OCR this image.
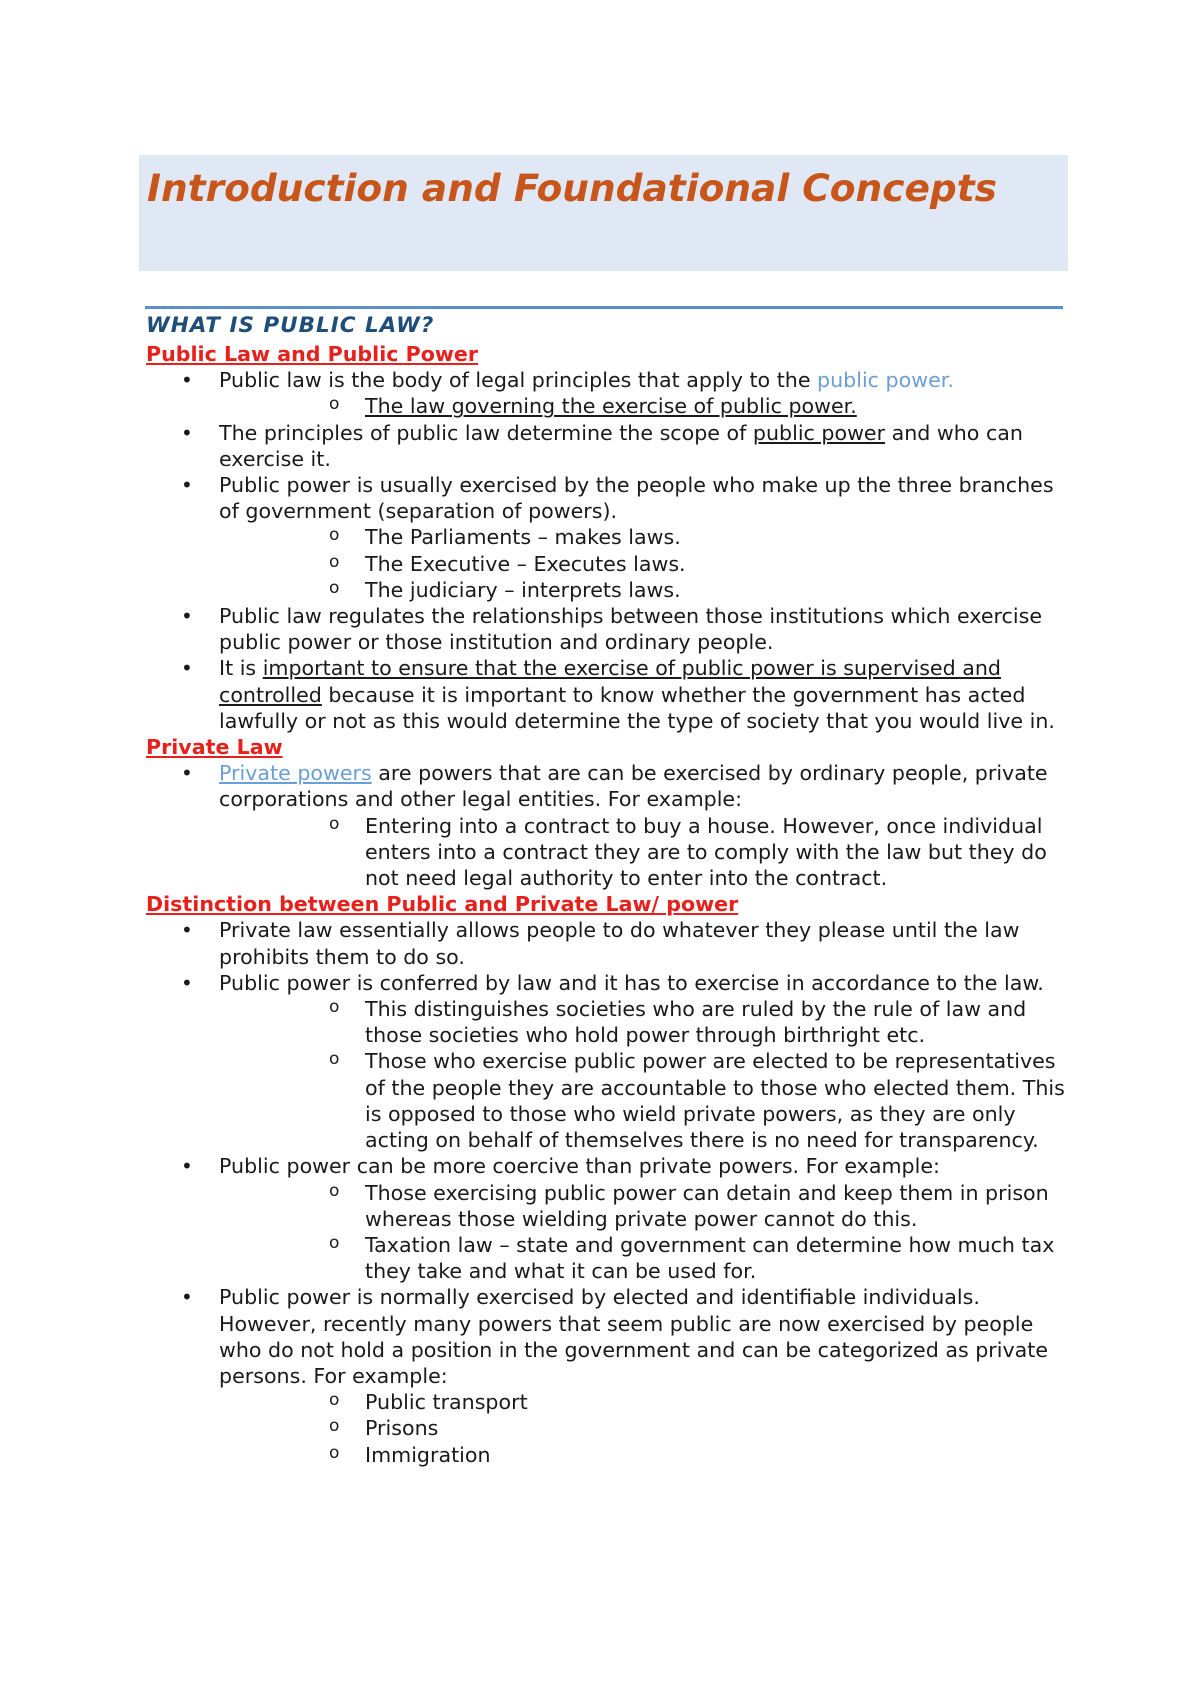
Introduction and Foundational Concepts
WHAT IS PUBLIC LAW?
Public Law and Public Power
• Public law is the body of legal principles that apply to the public power.
o The law governing the exercise of public power.
• The principles of public law determine the scope of public power and who can exercise it.
• Public power is usually exercised by the people who make up the three branches of government (separation of powers).
o The Parliaments – makes laws.
o The Executive – Executes laws.
o The judiciary – interprets laws.
• Public law regulates the relationships between those institutions which exercise public power or those institution and ordinary people.
• It is important to ensure that the exercise of public power is supervised and controlled because it is important to know whether the government has acted lawfully or not as this would determine the type of society that you would live in.
Private Law
• Private powers are powers that are can be exercised by ordinary people, private corporations and other legal entities. For example:
o Entering into a contract to buy a house. However, once individual enters into a contract they are to comply with the law but they do not need legal authority to enter into the contract.
Distinction between Public and Private Law/ power
• Private law essentially allows people to do whatever they please until the law prohibits them to do so.
• Public power is conferred by law and it has to exercise in accordance to the law.
o This distinguishes societies who are ruled by the rule of law and those societies who hold power through birthright etc.
o Those who exercise public power are elected to be representatives of the people they are accountable to those who elected them. This is opposed to those who wield private powers, as they are only acting on behalf of themselves there is no need for transparency.
• Public power can be more coercive than private powers. For example:
o Those exercising public power can detain and keep them in prison whereas those wielding private power cannot do this.
o Taxation law – state and government can determine how much tax they take and what it can be used for.
• Public power is normally exercised by elected and identifiable individuals. However, recently many powers that seem public are now exercised by people who do not hold a position in the government and can be categorized as private persons. For example:
o Public transport
o Prisons
o Immigration
